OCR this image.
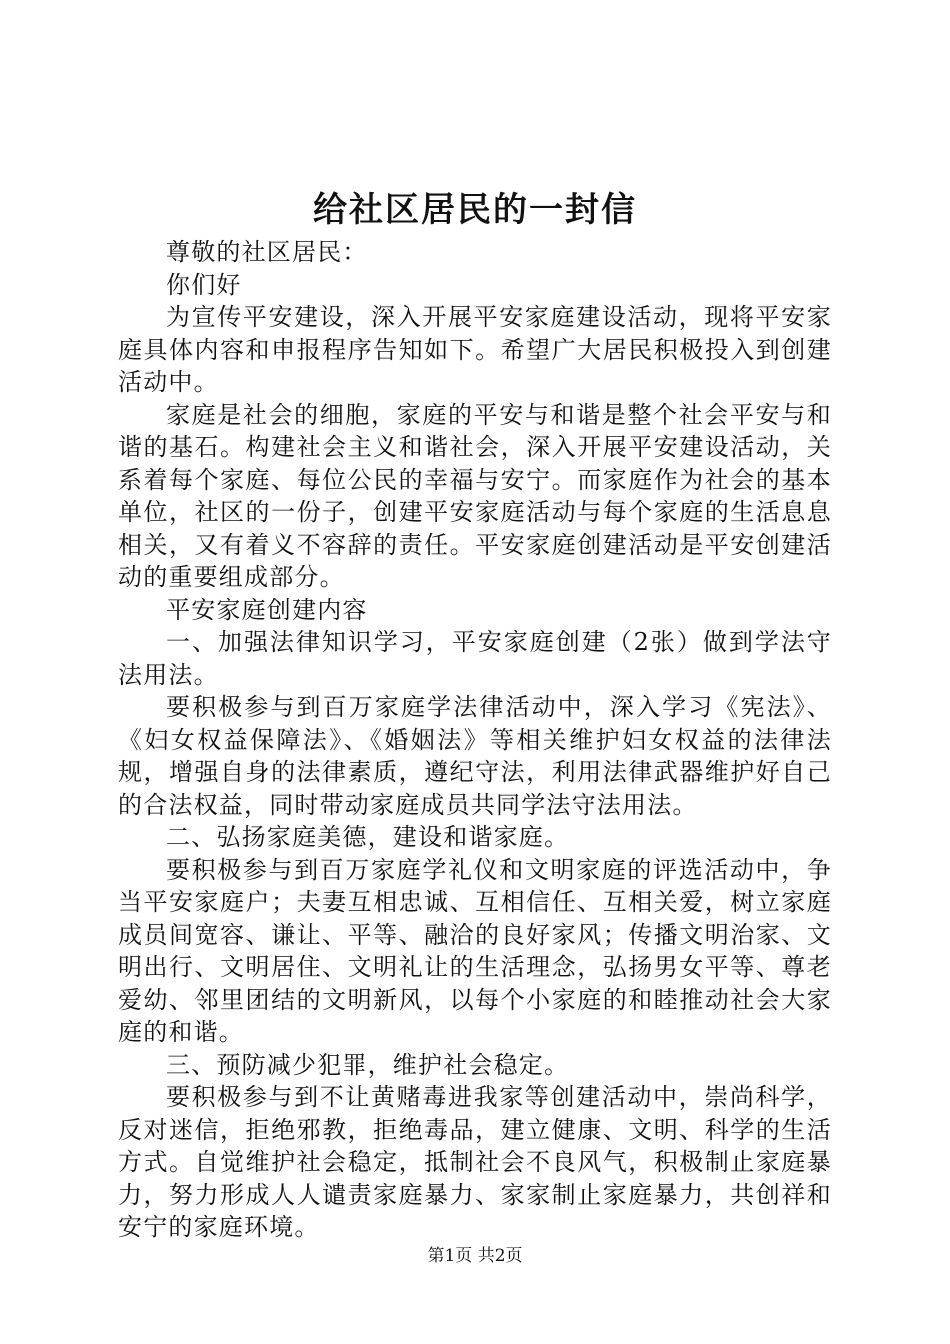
给社区居民的一封信

尊敬的社区居民：

你们好

为宣传平安建设，深入开展平安家庭建设活动，现将平安家庭具体内容和申报程序告知如下。希望广大居民积极投入到创建活动中。

家庭是社会的细胞，家庭的平安与和谐是整个社会平安与和谐的基石。构建社会主义和谐社会，深入开展平安建设活动，关系着每个家庭、每位公民的幸福与安宁。而家庭作为社会的基本单位，社区的一份子，创建平安家庭活动与每个家庭的生活息息相关，又有着义不容辞的责任。平安家庭创建活动是平安创建活动的重要组成部分。

平安家庭创建内容

一、加强法律知识学习，平安家庭创建（2张）做到学法守法用法。

要积极参与到百万家庭学法律活动中，深入学习《宪法》、《妇女权益保障法》、《婚姻法》等相关维护妇女权益的法律法规，增强自身的法律素质，遵纪守法，利用法律武器维护好自己的合法权益，同时带动家庭成员共同学法守法用法。

二、弘扬家庭美德，建设和谐家庭。

要积极参与到百万家庭学礼仪和文明家庭的评选活动中，争当平安家庭户；夫妻互相忠诚、互相信任、互相关爱，树立家庭成员间宽容、谦让、平等、融洽的良好家风；传播文明治家、文明出行、文明居住、文明礼让的生活理念，弘扬男女平等、尊老爱幼、邻里团结的文明新风，以每个小家庭的和睦推动社会大家庭的和谐。

三、预防减少犯罪，维护社会稳定。

要积极参与到不让黄赌毒进我家等创建活动中，崇尚科学，反对迷信，拒绝邪教，拒绝毒品，建立健康、文明、科学的生活方式。自觉维护社会稳定，抵制社会不良风气，积极制止家庭暴力，努力形成人人谴责家庭暴力、家家制止家庭暴力，共创祥和安宁的家庭环境。

第1页 共2页
